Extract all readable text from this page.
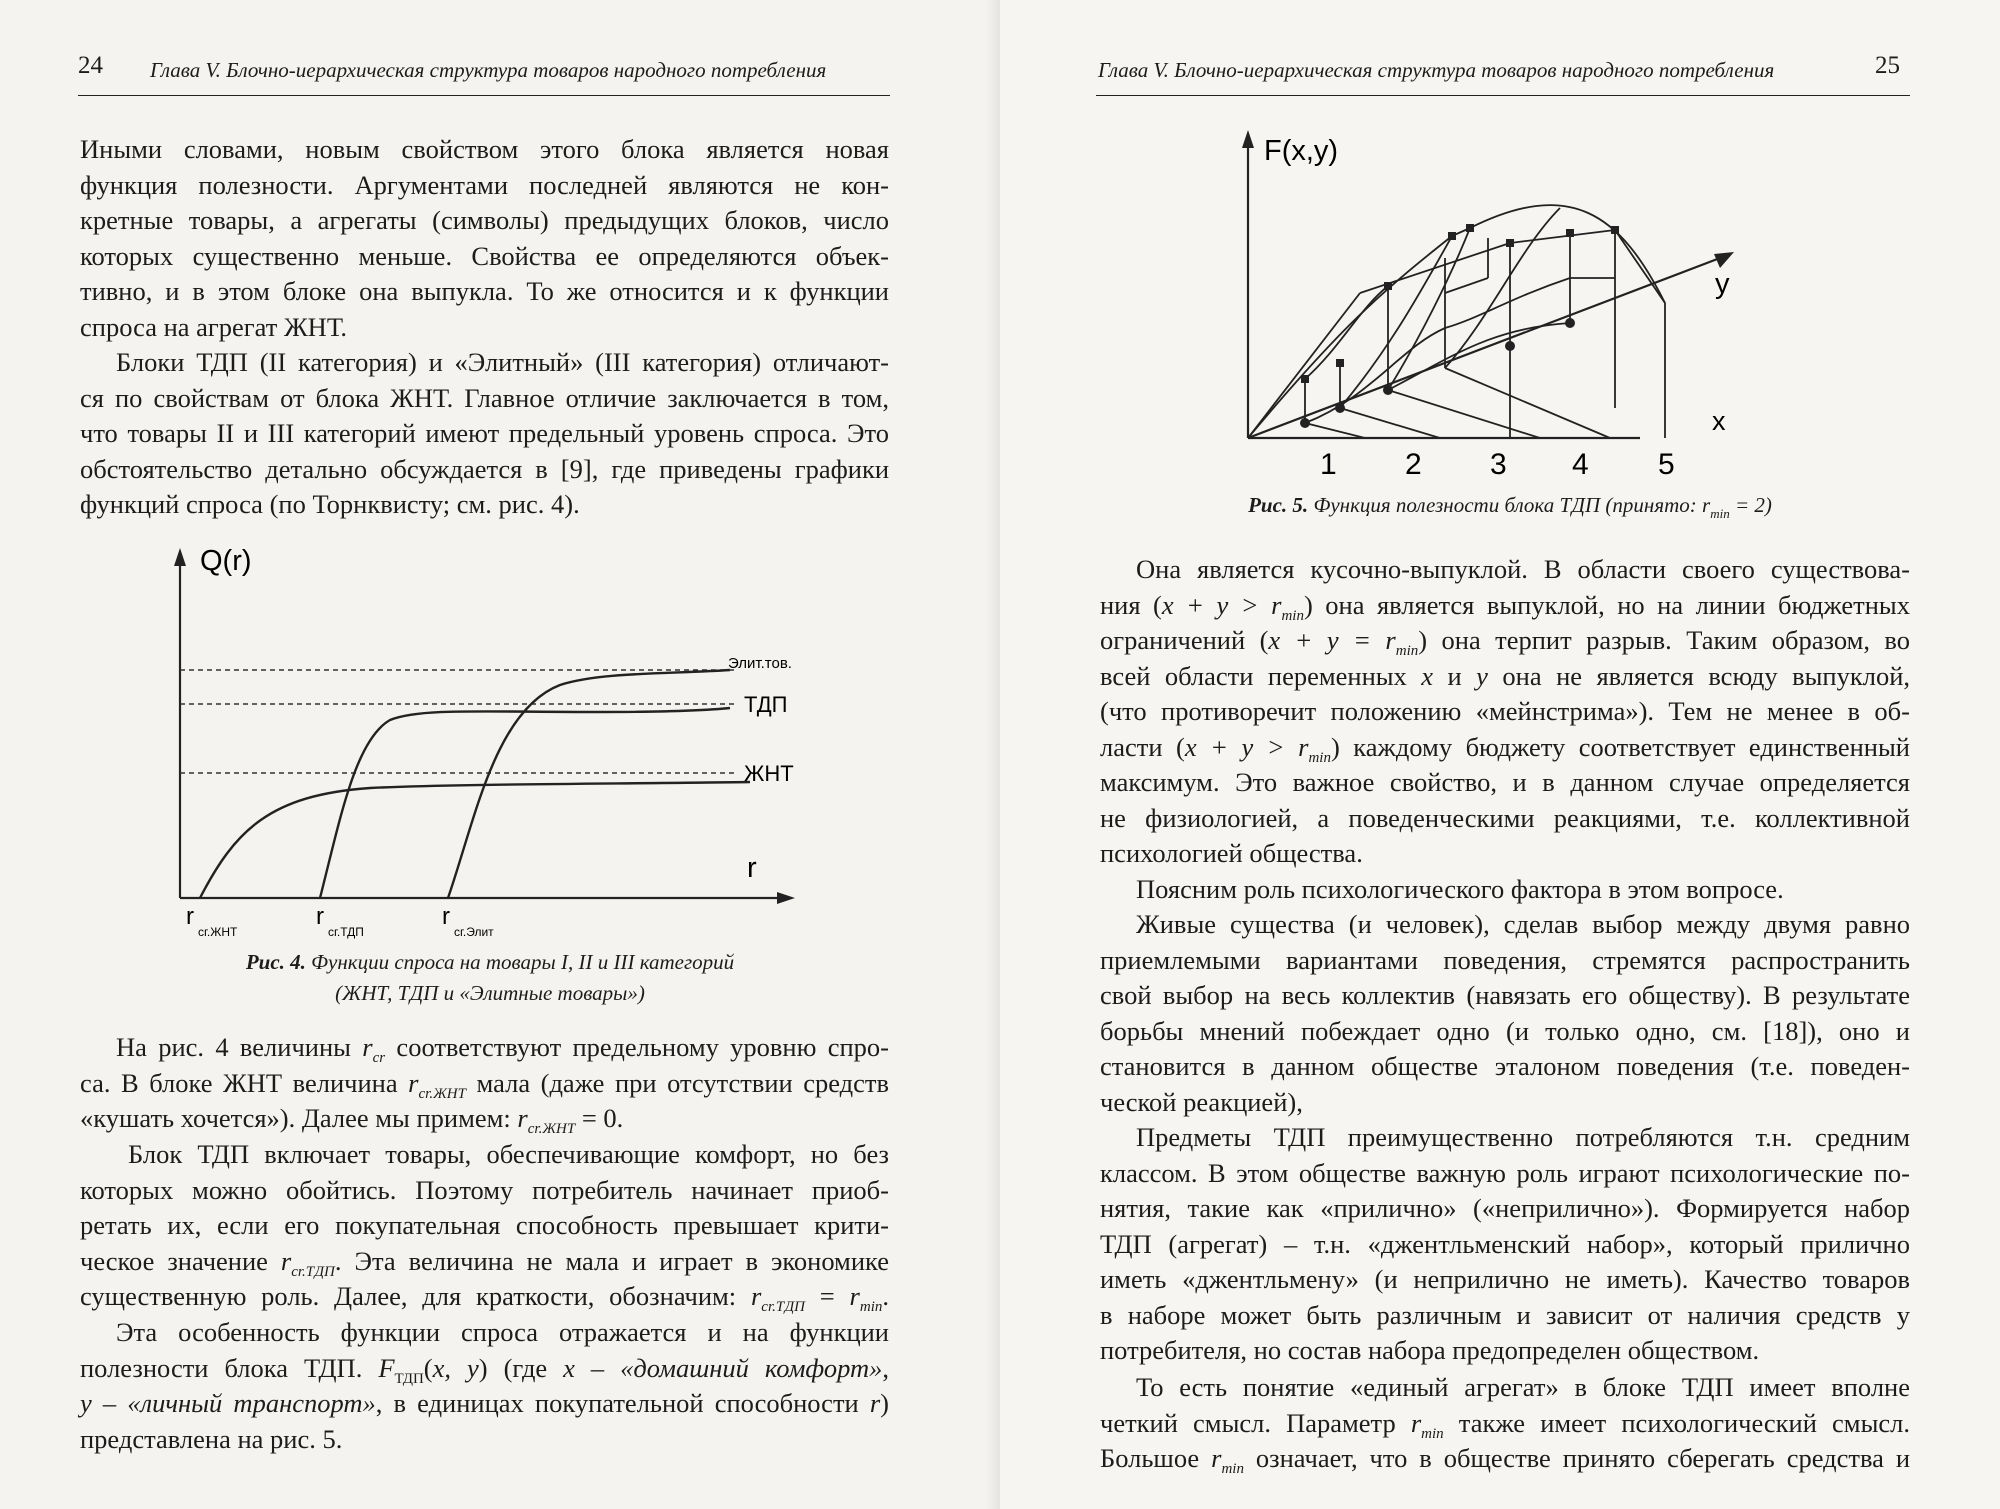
24 Глава V. Блочно-иерархическая структура товаров народного потребления
Иными словами, новым свойством этого блока является новая
функция полезности. Аргументами последней являются не кон-
кретные товары, а агрегаты (символы) предыдущих блоков, число
которых существенно меньше. Свойства ее определяются объек-
тивно, и в этом блоке она выпукла. То же относится и к функции
спроса на агрегат ЖНТ.
Блоки ТДП (II категория) и «Элитный» (III категория) отличают-
ся по свойствам от блока ЖНТ. Главное отличие заключается в том,
что товары II и III категорий имеют предельный уровень спроса. Это
обстоятельство детально обсуждается в [9], где приведены графики
функций спроса (по Торнквисту; см. рис. 4).
Q(r)
r
Элит.тов.
ТДП
ЖНТ
r
сг.ЖНТ
r
сг.ТДП
r
сг.Элит
Рис. 4. Функции спроса на товары I, II и III категорий
(ЖНТ, ТДП и «Элитные товары»)
На рис. 4 величины $r_{cr}$ соответствуют предельному уровню спро-
са. В блоке ЖНТ величина $r_{cr.ЖНТ}$ мала (даже при отсутствии средств
«кушать хочется»). Далее мы примем: $r_{cr.ЖНТ} = 0$.
Блок ТДП включает товары, обеспечивающие комфорт, но без
которых можно обойтись. Поэтому потребитель начинает приоб-
ретать их, если его покупательная способность превышает крити-
ческое значение $r_{cr.ТДП}$. Эта величина не мала и играет в экономике
существенную роль. Далее, для краткости, обозначим: $r_{cr.ТДП} = r_{min}$.
Эта особенность функции спроса отражается и на функции
полезности блока ТДП. $F_{ТДП}(x$, y) (где x – «домашний комфорт»,
y – «личный транспорт», в единицах покупательной способности r)
представлена на рис. 5.
Глава V. Блочно-иерархическая структура товаров народного потребления	25
F(x,y)
y
x
1 2 3 4 5
Рис. 5. Функция полезности блока ТДП (принято: $r_{min} = 2$)
Она является кусочно-выпуклой. В области своего существова-
ния $(x + y > r_{min})$ она является выпуклой, но на линии бюджетных
ограничений $(x + y = r_{min})$ она терпит разрыв. Таким образом, во
всей области переменных x и y она не является всюду выпуклой,
(что противоречит положению «мейнстрима»). Тем не менее в об-
ласти $(x + y > r_{min})$ каждому бюджету соответствует единственный
максимум. Это важное свойство, и в данном случае определяется
не физиологией, а поведенческими реакциями, т.е. коллективной
психологией общества.
Поясним роль психологического фактора в этом вопросе.
Живые существа (и человек), сделав выбор между двумя равно
приемлемыми вариантами поведения, стремятся распространить
свой выбор на весь коллектив (навязать его обществу). В результате
борьбы мнений побеждает одно (и только одно, см. [18]), оно и
становится в данном обществе эталоном поведения (т.е. поведен-
ческой реакцией),
Предметы ТДП преимущественно потребляются т.н. средним
классом. В этом обществе важную роль играют психологические по-
нятия, такие как «прилично» («неприлично»). Формируется набор
ТДП (агрегат) – т.н. «джентльменский набор», который прилично
иметь «джентльмену» (и неприлично не иметь). Качество товаров
в наборе может быть различным и зависит от наличия средств у
потребителя, но состав набора предопределен обществом.
То есть понятие «единый агрегат» в блоке ТДП имеет вполне
четкий смысл. Параметр $r_{min}$ также имеет психологический смысл.
Большое $r_{min}$ означает, что в обществе принято сберегать средства и
